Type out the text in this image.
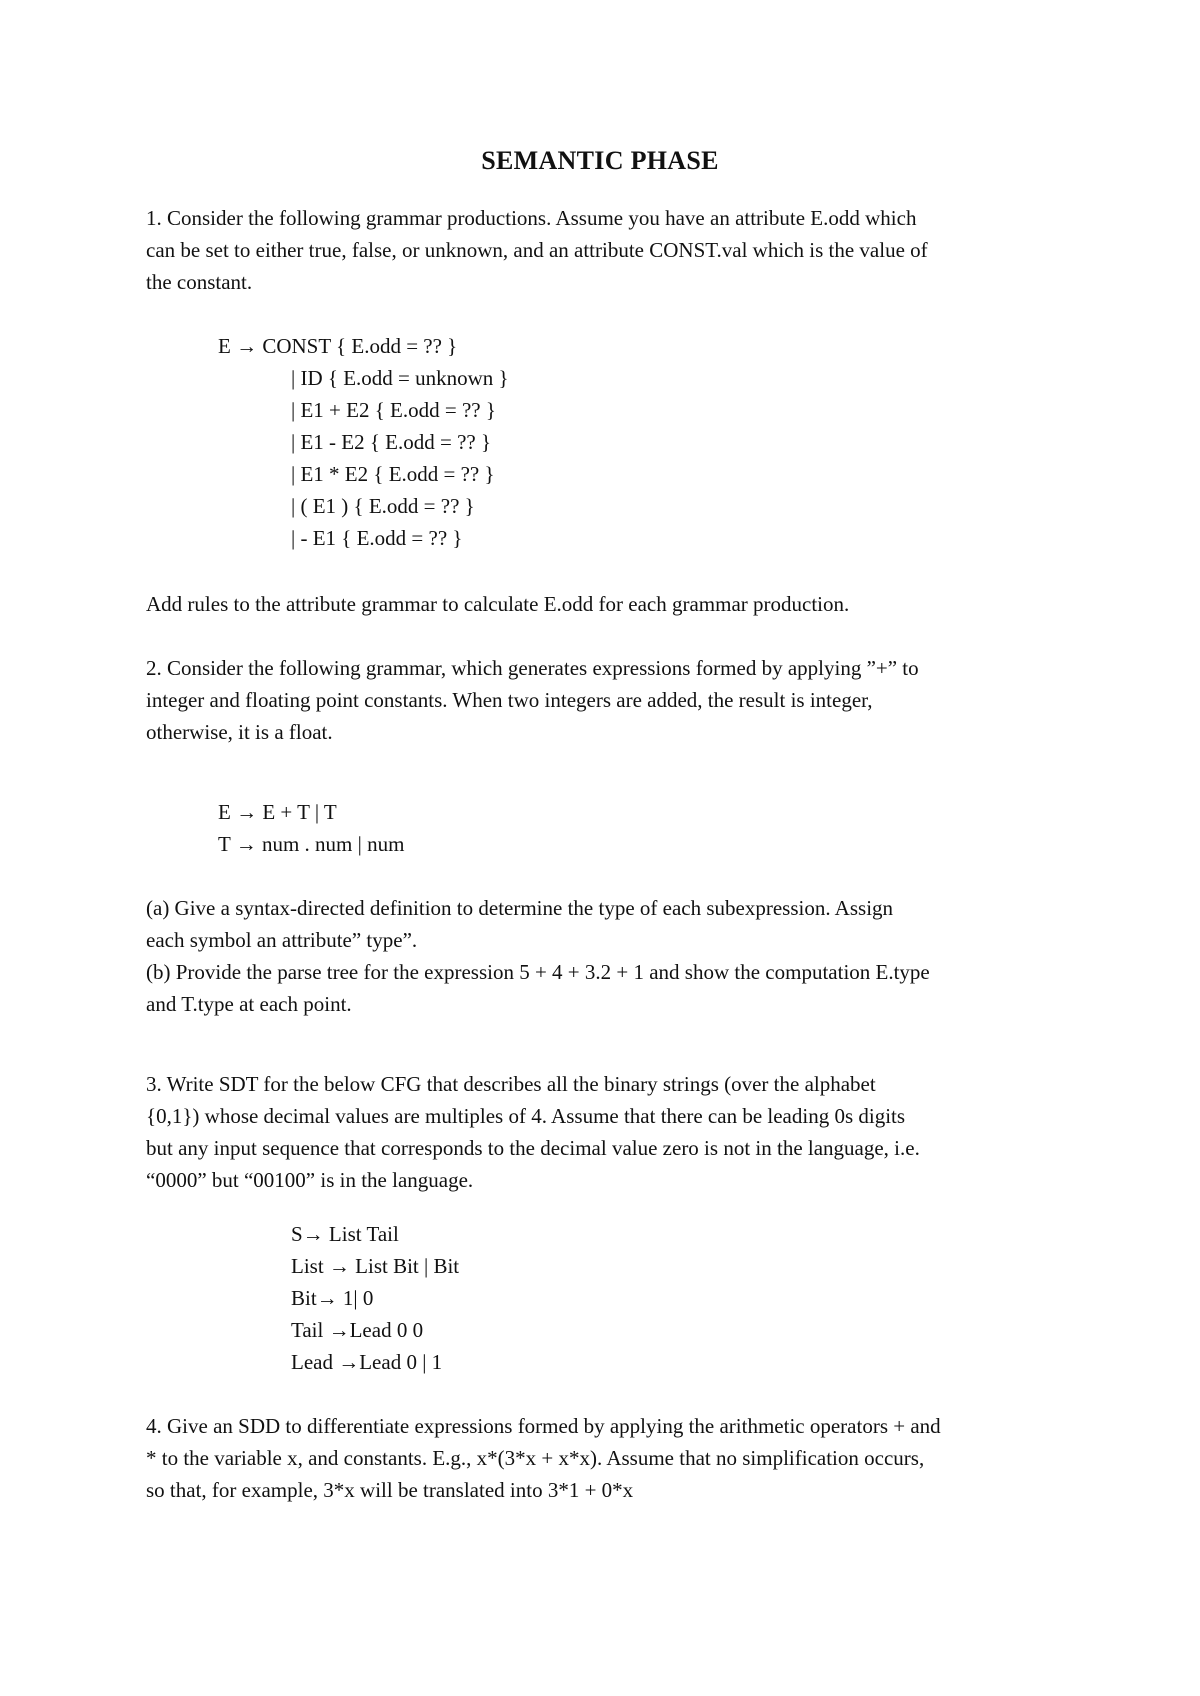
SEMANTIC PHASE
1. Consider the following grammar productions. Assume you have an attribute E.odd which
can be set to either true, false, or unknown, and an attribute CONST.val which is the value of
the constant.
E → CONST { E.odd = ?? }
| ID { E.odd = unknown }
| E1 + E2 { E.odd = ?? }
| E1 - E2 { E.odd = ?? }
| E1 * E2 { E.odd = ?? }
| ( E1 ) { E.odd = ?? }
| - E1 { E.odd = ?? }
Add rules to the attribute grammar to calculate E.odd for each grammar production.
2. Consider the following grammar, which generates expressions formed by applying ”+” to
integer and floating point constants. When two integers are added, the result is integer,
otherwise, it is a float.
E → E + T | T
T → num . num | num
(a) Give a syntax-directed definition to determine the type of each subexpression. Assign
each symbol an attribute” type”.
(b) Provide the parse tree for the expression 5 + 4 + 3.2 + 1 and show the computation E.type
and T.type at each point.
3. Write SDT for the below CFG that describes all the binary strings (over the alphabet
{0,1}) whose decimal values are multiples of 4. Assume that there can be leading 0s digits
but any input sequence that corresponds to the decimal value zero is not in the language, i.e.
“0000” but “00100” is in the language.
S→ List Tail
List → List Bit | Bit
Bit→ 1| 0
Tail →Lead 0 0
Lead →Lead 0 | 1
4. Give an SDD to differentiate expressions formed by applying the arithmetic operators + and
* to the variable x, and constants. E.g., x*(3*x + x*x). Assume that no simplification occurs,
so that, for example, 3*x will be translated into 3*1 + 0*x
